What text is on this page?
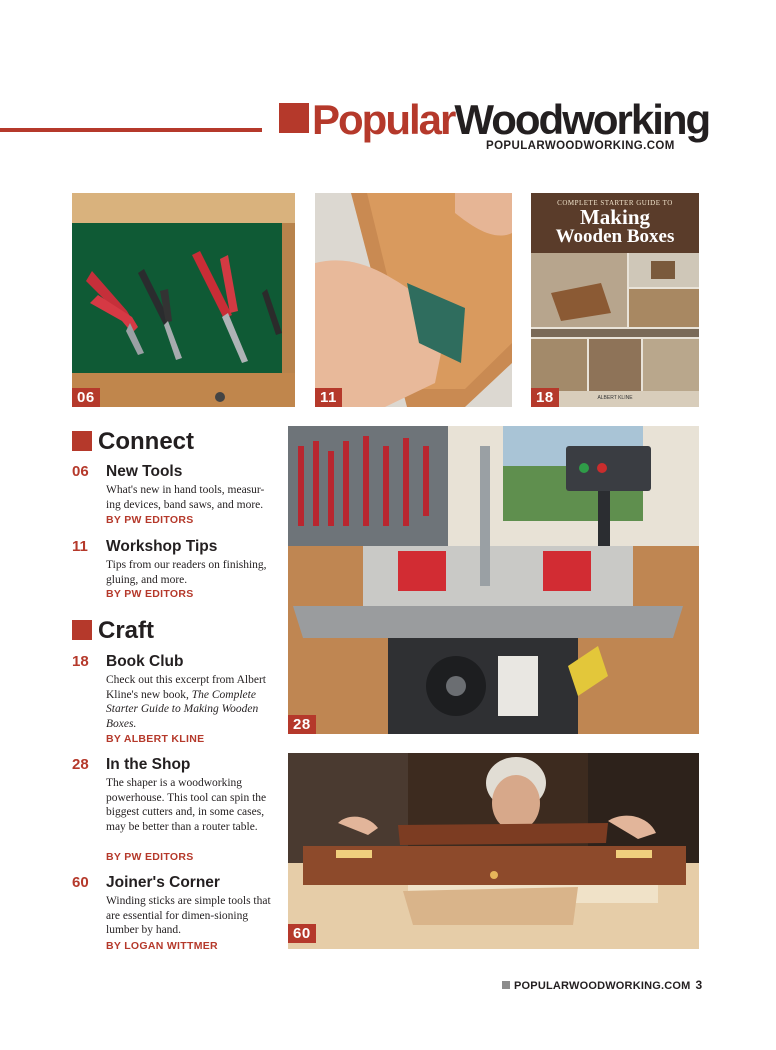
PopularWoodworking
POPULARWOODWORKING.COM
06	11
COMPLETE STARTER GUIDE TO
Making
Wooden Boxes
ALBERT KLINE
18
28
60
Connect
06 New Tools
What's new in hand tools, measur-ing devices, band saws, and more.
BY PW EDITORS
11 Workshop Tips
Tips from our readers on finishing, gluing, and more.
BY PW EDITORS
Craft
18 Book Club
Check out this excerpt from Albert Kline's new book, The Complete Starter Guide to Making Wooden Boxes.
BY ALBERT KLINE
28 In the Shop
The shaper is a woodworking powerhouse. This tool can spin the biggest cutters and, in some cases, may be better than a router table.
BY PW EDITORS
60 Joiner's Corner
Winding sticks are simple tools that are essential for dimen-sioning lumber by hand.
BY LOGAN WITTMER
POPULARWOODWORKING.COM 3
